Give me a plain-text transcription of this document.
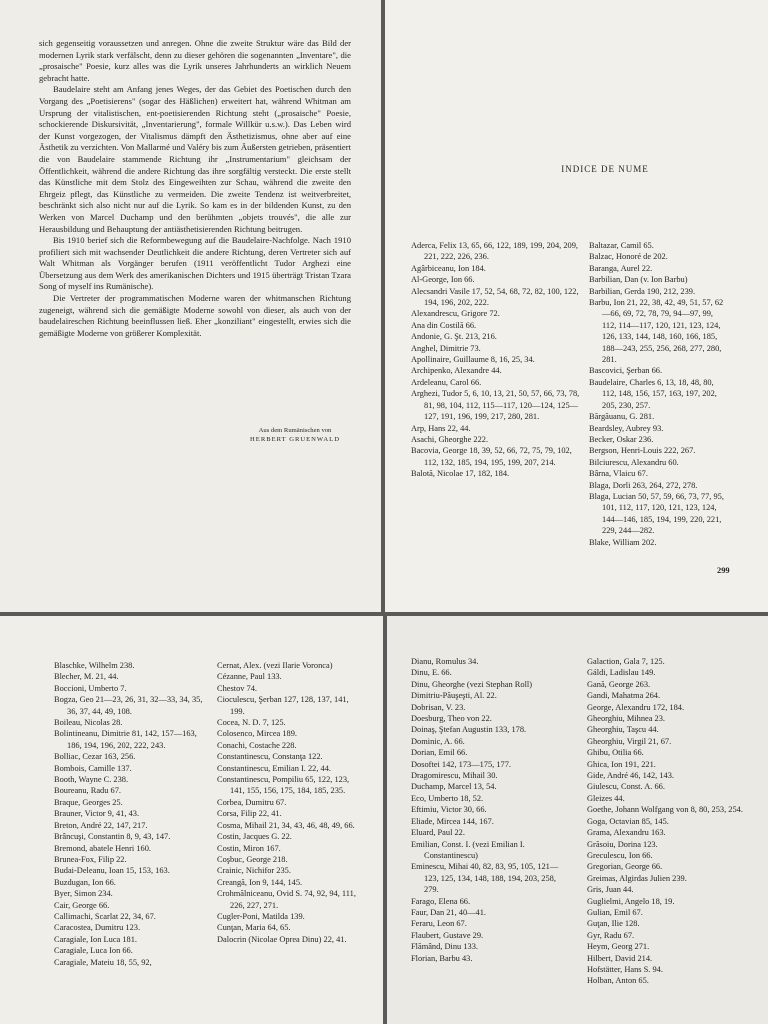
sich gegenseitig voraussetzen und anregen. Ohne die zweite Struktur wäre das Bild der modernen Lyrik stark verfälscht, denn zu dieser gehören die sogenannten „Inventare", die „prosaische" Poesie, kurz alles was die Lyrik unseres Jahrhunderts an wirklich Neuem gebracht hatte.

Baudelaire steht am Anfang jenes Weges, der das Gebiet des Poetischen durch den Vorgang des „Poetisierens" (sogar des Häßlichen) erweitert hat, während Whitman am Ursprung der vitalistischen, ent-poetisierenden Richtung steht („prosaische" Poesie, schockierende Diskursivität, „Inventarierung", formale Willkür u.s.w.). Das Leben wird der Kunst vorgezogen, der Vitalismus dämpft den Ästhetizismus, ohne aber auf eine Ästhetik zu verzichten. Von Mallarmé und Valéry bis zum Äußersten getrieben, präsentiert die von Baudelaire stammende Richtung ihr „Instrumentarium" gleichsam der Öffentlichkeit, während die andere Richtung das ihre sorgfältig versteckt. Die erste stellt das Künstliche mit dem Stolz des Eingeweihten zur Schau, während die zweite den Ehrgeiz pflegt, das Künstliche zu vermeiden. Die zweite Tendenz ist weitverbreitet, beschränkt sich also nicht nur auf die Lyrik. So kam es in der bildenden Kunst, zu den Werken von Marcel Duchamp und den berühmten „objets trouvés", die alle zur Herausbildung und Behauptung der antiästhetisierenden Richtung beitrugen.

Bis 1910 berief sich die Reformbewegung auf die Baudelaire-Nachfolge. Nach 1910 profiliert sich mit wachsender Deutlichkeit die andere Richtung, deren Vertreter sich auf Walt Whitman als Vorgänger berufen (1911 veröffentlicht Tudor Arghezi eine Übersetzung aus dem Werk des amerikanischen Dichters und 1915 überträgt Tristan Tzara Song of myself ins Rumänische).

Die Vertreter der programmatischen Moderne waren der whitmanschen Richtung zugeneigt, während sich die gemäßigte Moderne sowohl von dieser, als auch von der baudelaireschen Richtung beeinflussen ließ. Eher „konziliant" eingestellt, erwies sich die gemäßigte Moderne von größerer Komplexität.

Aus dem Rumänischen von
HERBERT GRUENWALD
INDICE DE NUME
Aderca, Felix 13, 65, 66, 122, 189, 199, 204, 209, 221, 222, 226, 236.
Agârbiceanu, Ion 184.
Al-George, Ion 66.
Alecsandri Vasile 17, 52, 54, 68, 72, 82, 100, 122, 194, 196, 202, 222.
Alexandrescu, Grigore 72.
Ana din Costilă 66.
Andonie, G. Şt. 213, 216.
Anghel, Dimitrie 73.
Apollinaire, Guillaume 8, 16, 25, 34.
Archipenko, Alexandre 44.
Ardeleanu, Carol 66.
Arghezi, Tudor 5, 6, 10, 13, 21, 50, 57, 66, 73, 78, 81, 98, 104, 112, 115—117, 120—124, 125—127, 191, 196, 199, 217, 280, 281.
Arp, Hans 22, 44.
Asachi, Gheorghe 222.
Bacovia, George 18, 39, 52, 66, 72, 75, 79, 102, 112, 132, 185, 194, 195, 199, 207, 214.
Balotă, Nicolae 17, 182, 184.
Baltazar, Camil 65.
Balzac, Honoré de 202.
Baranga, Aurel 22.
Barbilian, Dan (v. Ion Barbu)
Barbilian, Gerda 190, 212, 239.
Barbu, Ion 21, 22, 38, 42, 49, 51, 57, 62—66, 69, 72, 78, 79, 94—97, 99, 112, 114—117, 120, 121, 123, 124, 126, 133, 144, 148, 160, 166, 185, 188—243, 255, 256, 268, 277, 280, 281.
Bascovici, Şerban 66.
Baudelaire, Charles 6, 13, 18, 48, 80, 112, 148, 156, 157, 163, 197, 202, 205, 230, 257.
Bărgăuanu, G. 281.
Beardsley, Aubrey 93.
Becker, Oskar 236.
Bergson, Henri-Louis 222, 267.
Bilciurescu, Alexandru 60.
Bârna, Vlaicu 67.
Blaga, Dorli 263, 264, 272, 278.
Blaga, Lucian 50, 57, 59, 66, 73, 77, 95, 101, 112, 117, 120, 121, 123, 124, 144—146, 185, 194, 199, 220, 221, 229, 244—282.
Blake, William 202.
299
Blaschke, Wilhelm 238.
Blecher, M. 21, 44.
Boccioni, Umberto 7.
Bogza, Geo 21—23, 26, 31, 32—33, 34, 35, 36, 37, 44, 49, 108.
Boileau, Nicolas 28.
Bolintineanu, Dimitrie 81, 142, 157—163, 186, 194, 196, 202, 222, 243.
Bolliac, Cezar 163, 256.
Bombois, Camille 137.
Booth, Wayne C. 238.
Boureanu, Radu 67.
Braque, Georges 25.
Brauner, Victor 9, 41, 43.
Breton, André 22, 147, 217.
Brâncuşi, Constantin 8, 9, 43, 147.
Bremond, abatele Henri 160.
Brunea-Fox, Filip 22.
Budai-Deleanu, Ioan 15, 153, 163.
Buzdugan, Ion 66.
Byer, Simon 234.
Cair, George 66.
Callimachi, Scarlat 22, 34, 67.
Caracostea, Dumitru 123.
Caragiale, Ion Luca 181.
Caragiale, Luca Ion 66.
Caragiale, Mateiu 18, 55, 92,
Cernat, Alex. (vezi Ilarie Voronca)
Cézanne, Paul 133.
Chestov 74.
Cioculescu, Şerban 127, 128, 137, 141, 199.
Cocea, N. D. 7, 125.
Colosenco, Mircea 189.
Conachi, Costache 228.
Constantinescu, Constanţa 122.
Constantinescu, Emilian I. 22, 44.
Constantinescu, Pompiliu 65, 122, 123, 141, 155, 156, 175, 184, 185, 235.
Corbea, Dumitru 67.
Corsa, Filip 22, 41.
Cosma, Mihail 21, 34, 43, 46, 48, 49, 66.
Costin, Jacques G. 22.
Costin, Miron 167.
Coşbuc, George 218.
Crainic, Nichifor 235.
Creangă, Ion 9, 144, 145.
Crohmălniceanu, Ovid S. 74, 92, 94, 111, 226, 227, 271.
Cugler-Poni, Matilda 139.
Cunţan, Maria 64, 65.
Dalocrin (Nicolae Oprea Dinu) 22, 41.
Dianu, Romulus 34.
Dinu, E. 66.
Dinu, Gheorghe (vezi Stephan Roll)
Dimitriu-Păuşeşti, Al. 22.
Dobrisan, V. 23.
Doesburg, Theo von 22.
Doinaş, Ştefan Augustin 133, 178.
Dominic, A. 66.
Dorian, Emil 66.
Dosoftei 142, 173—175, 177.
Dragomirescu, Mihail 30.
Duchamp, Marcel 13, 54.
Eco, Umberto 18, 52.
Eftimiu, Victor 30, 66.
Eliade, Mircea 144, 167.
Eluard, Paul 22.
Emilian, Const. I. (vezi Emilian I. Constantinescu)
Eminescu, Mihai 40, 82, 83, 95, 105, 121—123, 125, 134, 148, 188, 194, 203, 258, 279.
Farago, Elena 66.
Faur, Dan 21, 40—41.
Feraru, Leon 67.
Flaubert, Gustave 29.
Flămând, Dinu 133.
Florian, Barbu 43.
Galaction, Gala 7, 125.
Gáldi, Ladislau 149.
Gană, George 263.
Gandi, Mahatma 264.
George, Alexandru 172, 184.
Gheorghiu, Mihnea 23.
Gheorghiu, Taşcu 44.
Gheorghiu, Virgil 21, 67.
Ghibu, Otilia 66.
Ghica, Ion 191, 221.
Gide, André 46, 142, 143.
Giulescu, Const. A. 66.
Gleizes 44.
Goethe, Johann Wolfgang von 8, 80, 253, 254.
Goga, Octavian 85, 145.
Grama, Alexandru 163.
Grăsoiu, Dorina 123.
Greculescu, Ion 66.
Gregorian, George 66.
Greimas, Algirdas Julien 239.
Gris, Juan 44.
Guglielmi, Angelo 18, 19.
Gulian, Emil 67.
Guţan, Ilie 128.
Gyr, Radu 67.
Heym, Georg 271.
Hilbert, David 214.
Hofstätter, Hans S. 94.
Holban, Anton 65.
